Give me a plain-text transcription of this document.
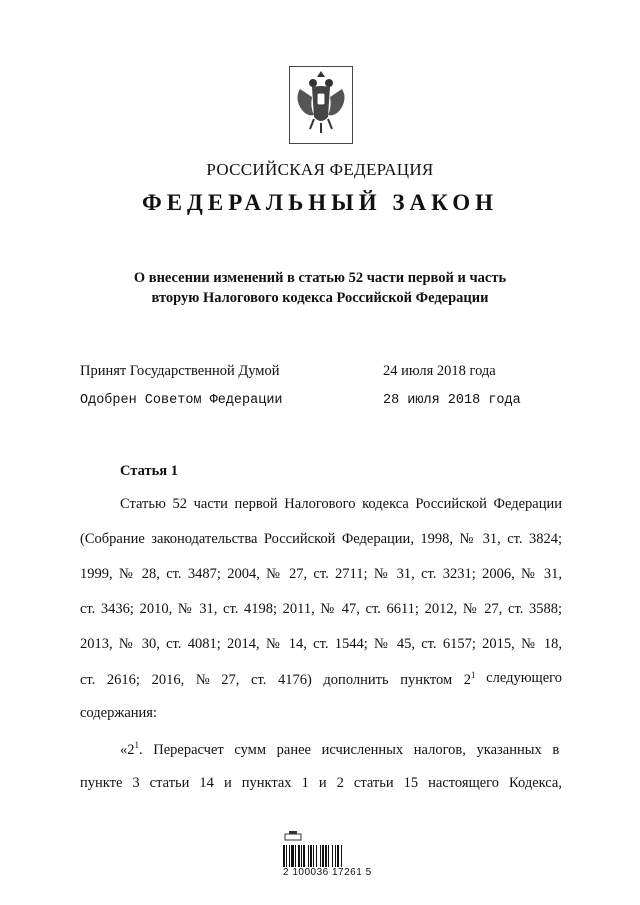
РОССИЙСКАЯ ФЕДЕРАЦИЯ
ФЕДЕРАЛЬНЫЙ ЗАКОН
О внесении изменений в статью 52 части первой и часть
вторую Налогового кодекса Российской Федерации
Принят Государственной Думой	24 июля 2018 года
Одобрен Советом Федерации	28 июля 2018 года
Статья 1
Статью 52 части первой Налогового кодекса Российской Федерации
(Собрание законодательства Российской Федерации, 1998, № 31, ст. 3824;
1999, № 28, ст. 3487; 2004, № 27, ст. 2711; № 31, ст. 3231; 2006, № 31,
ст. 3436; 2010, № 31, ст. 4198; 2011, № 47, ст. 6611; 2012, № 27, ст. 3588;
2013, № 30, ст. 4081; 2014, № 14, ст. 1544; № 45, ст. 6157; 2015, № 18,
ст. 2616; 2016, № 27, ст. 4176) дополнить пунктом $2^1$ следующего
содержания:
«$2^1$. Перерасчет сумм ранее исчисленных налогов, указанных в
пункте 3 статьи 14 и пунктах 1 и 2 статьи 15 настоящего Кодекса,
2 100036 17261 5
